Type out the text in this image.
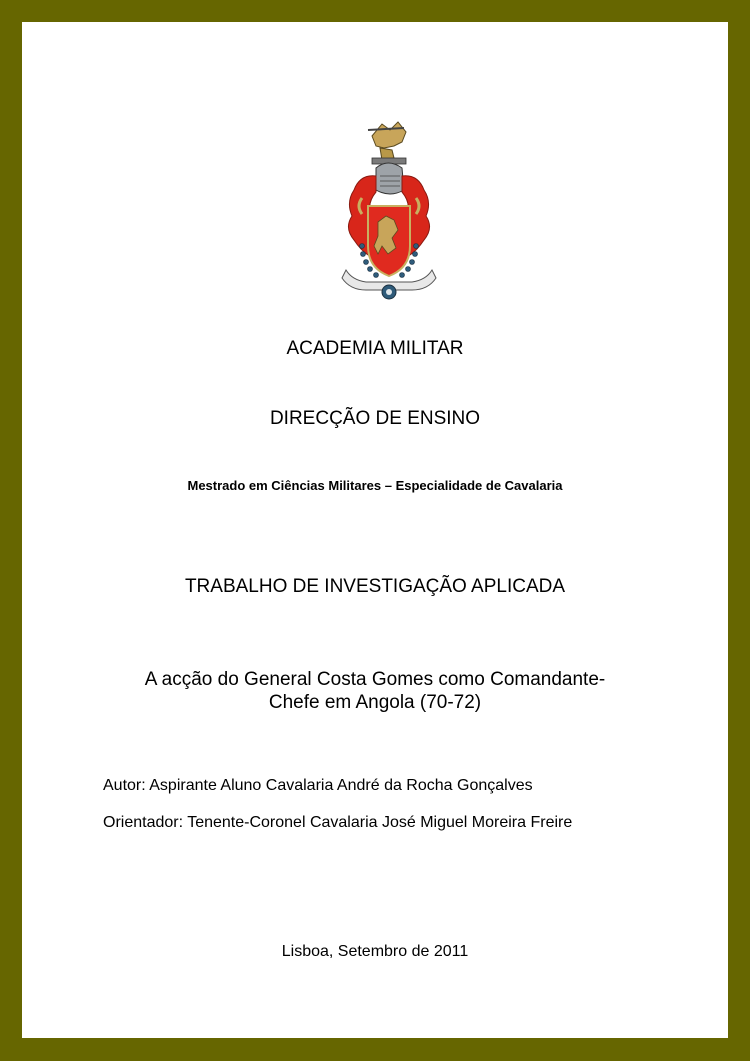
ACADEMIA MILITAR
DIRECÇÃO DE ENSINO
Mestrado em Ciências Militares – Especialidade de Cavalaria
TRABALHO DE INVESTIGAÇÃO APLICADA
A acção do General Costa Gomes como Comandante-
Chefe em Angola (70-72)
Autor: Aspirante Aluno Cavalaria André da Rocha Gonçalves
Orientador: Tenente-Coronel Cavalaria José Miguel Moreira Freire
Lisboa, Setembro de 2011
